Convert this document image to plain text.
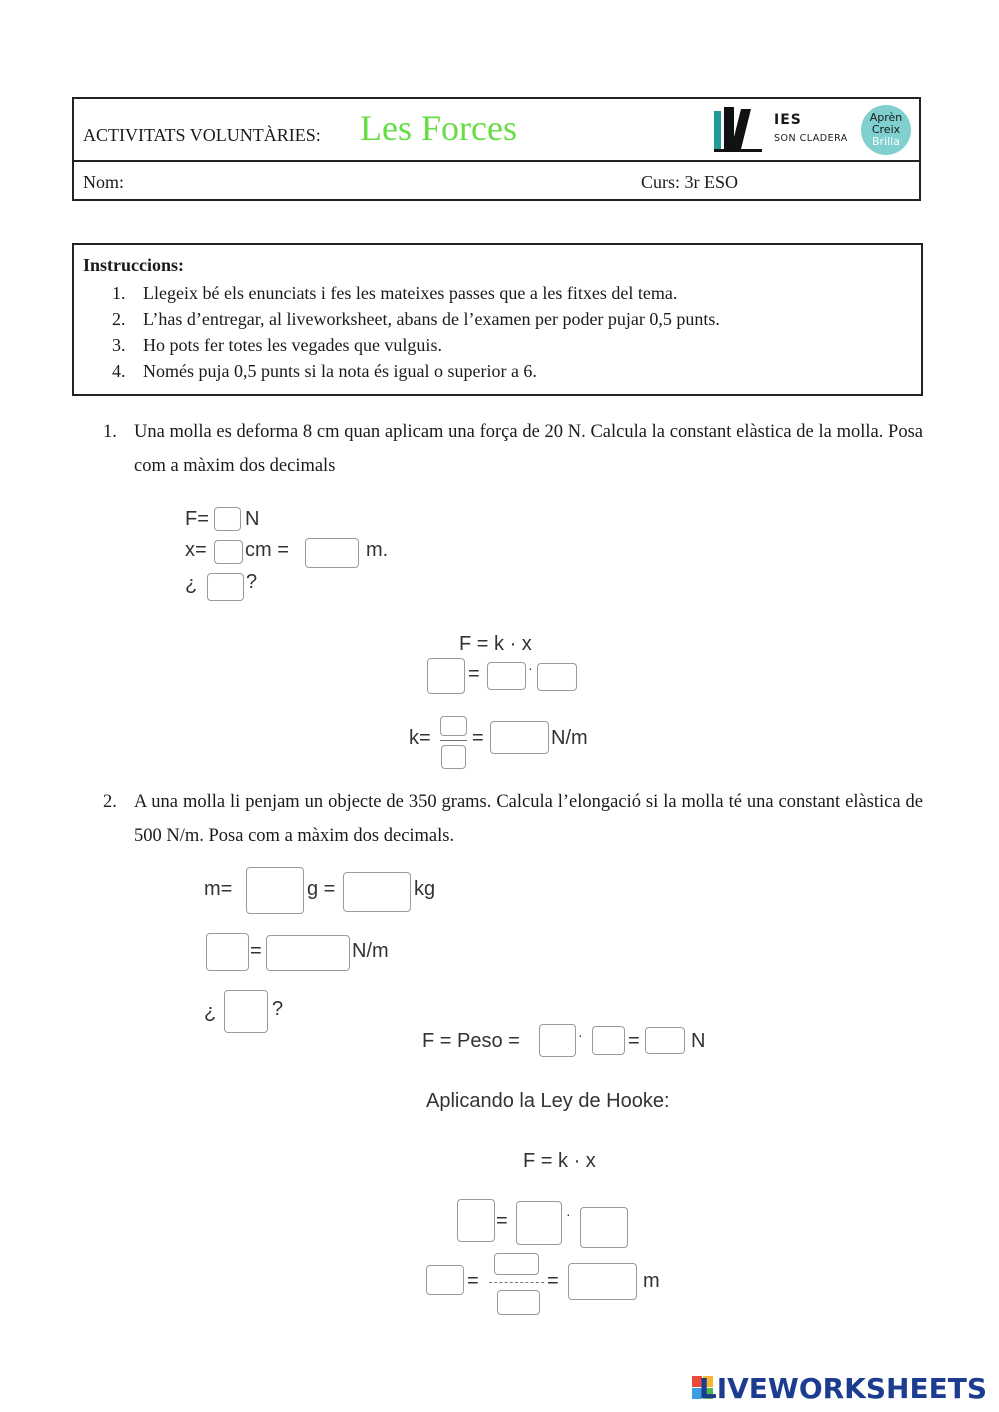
ACTIVITATS VOLUNTÀRIES: Les Forces	IES
SON CLADERA
Aprèn
Creix
Brilla
Nom:	Curs: 3r ESO
Instruccions:
1. Llegeix bé els enunciats i fes les mateixes passes que a les fitxes del tema.
2. L’has d’entregar, al liveworksheet, abans de l’examen per poder pujar 0,5 punts.
3. Ho pots fer totes les vegades que vulguis.
4. Només puja 0,5 punts si la nota és igual o superior a 6.
1. Una molla es deforma 8 cm quan aplicam una força de 20 N. Calcula la constant elàstica de la molla. Posa com a màxim dos decimals
F= N
x= cm =	m.
¿ ?
F = k · x
=	·
k= =	N/m
2. A una molla li penjam un objecte de 350 grams. Calcula l’elongació si la molla té una constant elàstica de 500 N/m. Posa com a màxim dos decimals.
m=	g =	kg
=	N/m
¿	?
F = Peso =	· =	N
Aplicando la Ley de Hooke:
F = k · x
=	·
=	=	m
LIVEWORKSHEETS
